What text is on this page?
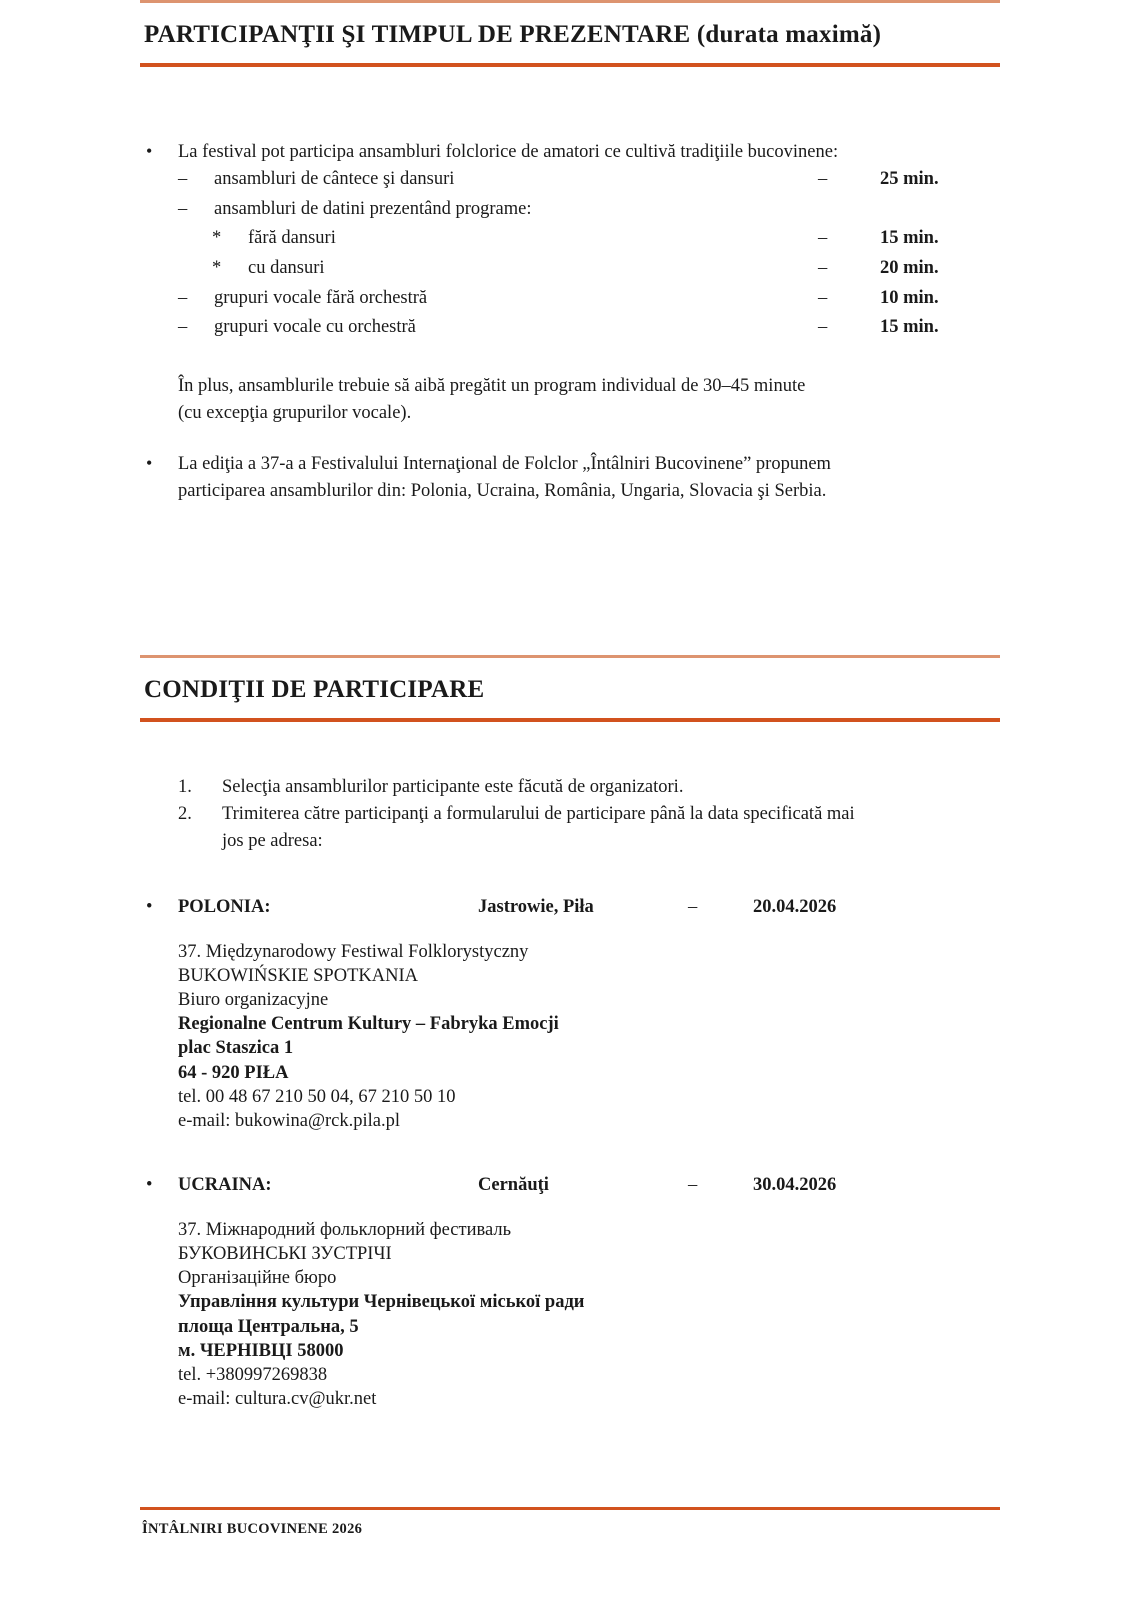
PARTICIPANŢII ŞI TIMPUL DE PREZENTARE (durata maximă)
•	La festival pot participa ansambluri folclorice de amatori ce cultivă tradiţiile bucovinene:
–	ansambluri de cântece şi dansuri	–	25 min.
–	ansambluri de datini prezentând programe:
*	fără dansuri	–	15 min.
*	cu dansuri	–	20 min.
–	grupuri vocale fără orchestră	–	10 min.
–	grupuri vocale cu orchestră	–	15 min.
În plus, ansamblurile trebuie să aibă pregătit un program individual de 30–45 minute
(cu excepţia grupurilor vocale).
•	La ediţia a 37-a a Festivalului Internaţional de Folclor „Întâlniri Bucovinene” propunem
participarea ansamblurilor din: Polonia, Ucraina, România, Ungaria, Slovacia şi Serbia.
CONDIŢII DE PARTICIPARE
1.	Selecţia ansamblurilor participante este făcută de organizatori.
2.	Trimiterea către participanţi a formularului de participare până la data specificată mai
jos pe adresa:
•	POLONIA:	Jastrowie, Piła	–	20.04.2026
37. Międzynarodowy Festiwal Folklorystyczny
BUKOWIŃSKIE SPOTKANIA
Biuro organizacyjne
Regionalne Centrum Kultury – Fabryka Emocji
plac Staszica 1
64 - 920 PIŁA
tel. 00 48 67 210 50 04, 67 210 50 10
e-mail: bukowina@rck.pila.pl
•	UCRAINA:	Cernăuţi	–	30.04.2026
37. Міжнародний фольклорний фестиваль
БУКОВИНСЬКІ ЗУСТРІЧІ
Організаційне бюро
Управління культури Чернівецької міської ради
площа Центральна, 5
м. ЧЕРНІВЦІ 58000
tel. +380997269838
e-mail: cultura.cv@ukr.net
ÎNTÂLNIRI BUCOVINENE 2026
